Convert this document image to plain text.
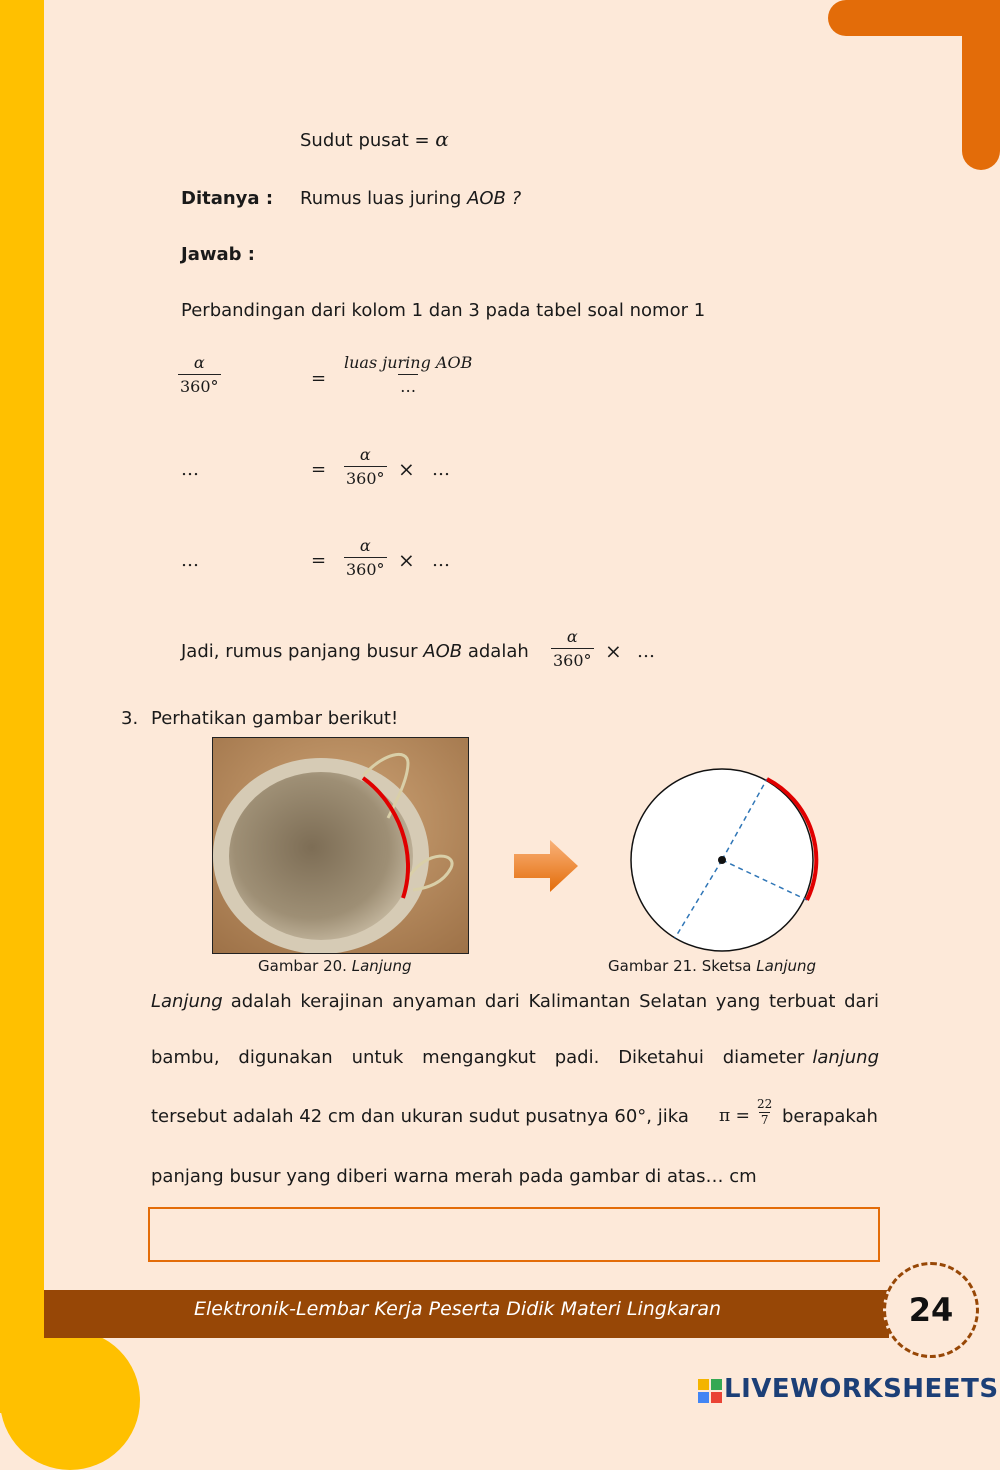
Sudut pusat = α
Ditanya : Rumus luas juring AOB ?
Jawab :
Perbandingan dari kolom 1 dan 3 pada tabel soal nomor 1
$\frac{\alpha}{360^\circ}$	=
luas juring AOB
…
…	= $\frac{\alpha}{360^\circ}$ × …
…	= $\frac{\alpha}{360^\circ}$ × …
Jadi, rumus panjang busur AOB adalah $\frac{\alpha}{360^\circ}$ × …
3. Perhatikan gambar berikut!
Gambar 20. Lanjung	Gambar 21. Sketsa Lanjung
Lanjung adalah kerajinan anyaman dari Kalimantan Selatan yang terbuat dari
bambu, digunakan untuk mengangkut padi. Diketahui diameter lanjung
tersebut adalah 42 cm dan ukuran sudut pusatnya 60°, jika $\pi = \frac{22}{7}$ berapakah
panjang busur yang diberi warna merah pada gambar di atas… cm
Elektronik-Lembar Kerja Peserta Didik Materi Lingkaran	24
LIVEWORKSHEETS
